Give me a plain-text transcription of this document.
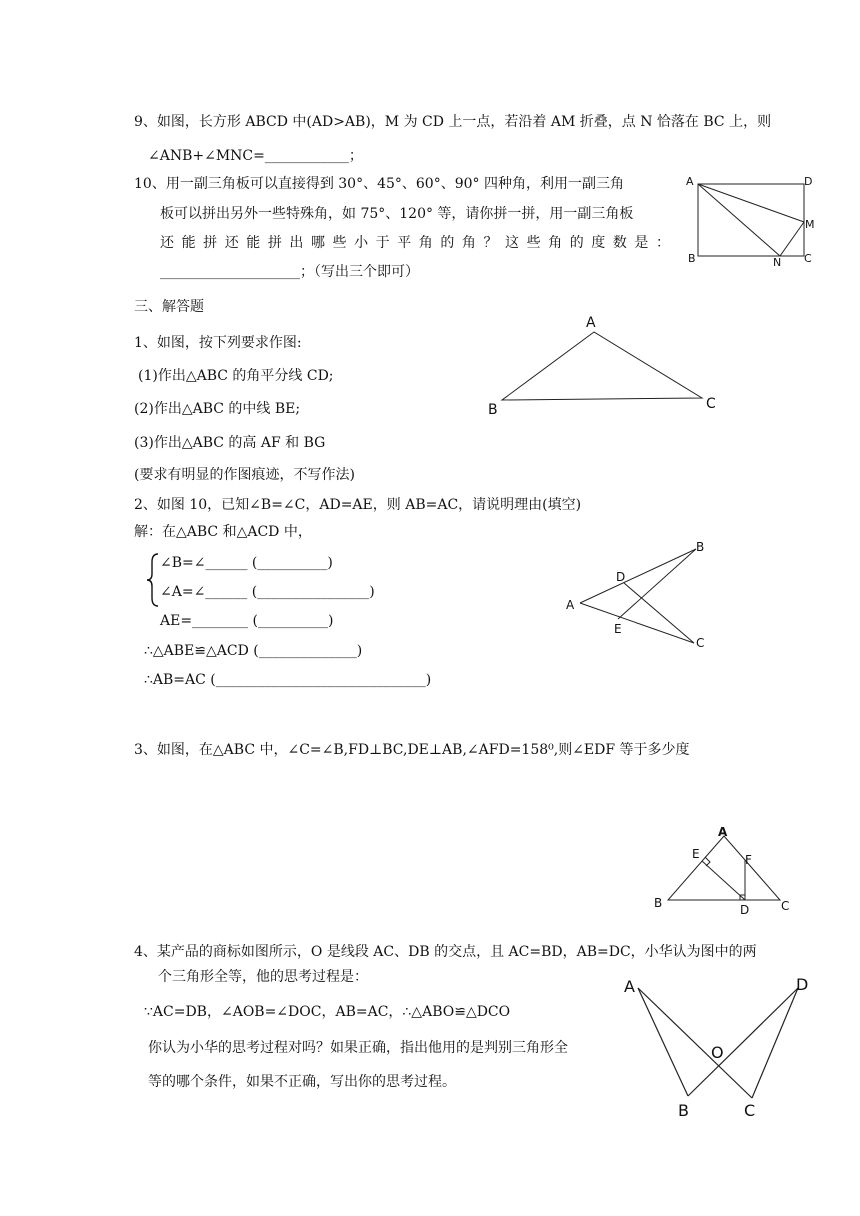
9、如图，长方形 ABCD 中(AD>AB)，M 为 CD 上一点，若沿着 AM 折叠，点 N 恰落在 BC 上，则
∠ANB+∠MNC=____________；
10、用一副三角板可以直接得到 30°、45°、60°、90° 四种角，利用一副三角
板可以拼出另外一些特殊角，如 75°、120° 等，请你拼一拼，用一副三角板
还能拼还能拼出哪些小于平角的角？这些角的度数是：
____________________；（写出三个即可）
A	D
M
B	N C
三、解答题
1、如图，按下列要求作图:
(1)作出△ABC 的角平分线 CD;
(2)作出△ABC 的中线 BE;
(3)作出△ABC 的高 AF 和 BG
(要求有明显的作图痕迹，不写作法)
A
B	C
2、如图 10，已知∠B=∠C，AD=AE，则 AB=AC，请说明理由(填空)
解：在△ABC 和△ACD 中，
∠B=∠______ (__________)
∠A=∠______ (________________)
AE=________ (__________)
∴△ABE≌△ACD (______________)
∴AB=AC (______________________________)
A
B
D
E
C
3、如图，在△ABC 中，∠C=∠B,FD⊥BC,DE⊥AB,∠AFD=158⁰,则∠EDF 等于多少度
A
E	F
B	D	C
4、某产品的商标如图所示，O 是线段 AC、DB 的交点，且 AC=BD，AB=DC，小华认为图中的两
个三角形全等，他的思考过程是：
∵AC=DB，∠AOB=∠DOC，AB=AC，∴△ABO≌△DCO
你认为小华的思考过程对吗？如果正确，指出他用的是判别三角形全
等的哪个条件，如果不正确，写出你的思考过程。
A	D
O
B	C
